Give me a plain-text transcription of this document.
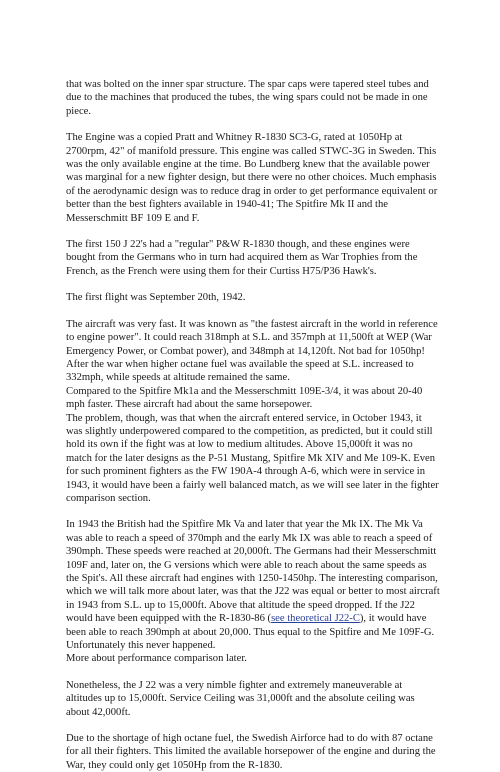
that was bolted on the inner spar structure. The spar caps were tapered steel tubes and due to the machines that produced the tubes, the wing spars could not be made in one piece.

The Engine was a copied Pratt and Whitney R-1830 SC3-G, rated at 1050Hp at 2700rpm, 42" of manifold pressure. This engine was called STWC-3G in Sweden. This was the only available engine at the time. Bo Lundberg knew that the available power was marginal for a new fighter design, but there were no other choices. Much emphasis of the aerodynamic design was to reduce drag in order to get performance equivalent or better than the best fighters available in 1940-41; The Spitfire Mk II and the Messerschmitt BF 109 E and F.

The first 150 J 22's had a "regular" P&W R-1830 though, and these engines were bought from the Germans who in turn had acquired them as War Trophies from the French, as the French were using them for their Curtiss H75/P36 Hawk's.

The first flight was September 20th, 1942.

The aircraft was very fast. It was known as "the fastest aircraft in the world in reference to engine power". It could reach 318mph at S.L. and 357mph at 11,500ft at WEP (War Emergency Power, or Combat power), and 348mph at 14,120ft. Not bad for 1050hp! After the war when higher octane fuel was available the speed at S.L. increased to 332mph, while speeds at altitude remained the same.

Compared to the Spitfire Mk1a and the Messerschmitt 109E-3/4, it was about 20-40 mph faster. These aircraft had about the same horsepower.

The problem, though, was that when the aircraft entered service, in October 1943, it was slightly underpowered compared to the competition, as predicted, but it could still hold its own if the fight was at low to medium altitudes. Above 15,000ft it was no match for the later designs as the P-51 Mustang, Spitfire Mk XIV and Me 109-K. Even for such prominent fighters as the FW 190A-4 through A-6, which were in service in 1943, it would have been a fairly well balanced match, as we will see later in the fighter comparison section.

In 1943 the British had the Spitfire Mk Va and later that year the Mk IX. The Mk Va was able to reach a speed of 370mph and the early Mk IX was able to reach a speed of 390mph. These speeds were reached at 20,000ft. The Germans had their Messerschmitt 109F and, later on, the G versions which were able to reach about the same speeds as the Spit's. All these aircraft had engines with 1250-1450hp. The interesting comparison, which we will talk more about later, was that the J22 was equal or better to most aircraft in 1943 from S.L. up to 15,000ft. Above that altitude the speed dropped. If the J22 would have been equipped with the R-1830-86 (see theoretical J22-C), it would have been able to reach 390mph at about 20,000. Thus equal to the Spitfire and Me 109F-G. Unfortunately this never happened.

More about performance comparison later.

Nonetheless, the J 22 was a very nimble fighter and extremely maneuverable at altitudes up to 15,000ft. Service Ceiling was 31,000ft and the absolute ceiling was about 42,000ft.

Due to the shortage of high octane fuel, the Swedish Airforce had to do with 87 octane for all their fighters. This limited the available horsepower of the engine and during the War, they could only get 1050Hp from the R-1830.
